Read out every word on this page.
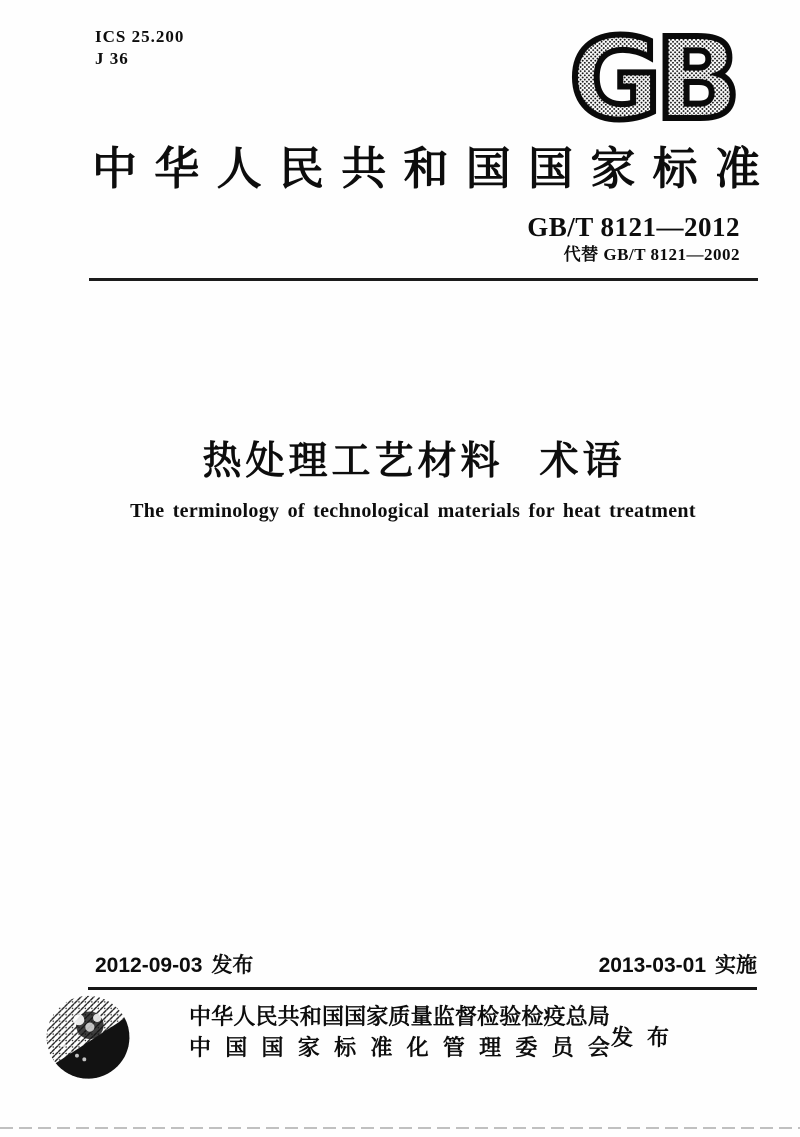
ICS 25.200
J 36	GB
中 华 人 民 共 和 国 国 家 标 准
GB/T 8121—2012
代替 GB/T 8121—2002
热处理工艺材料 术语
The terminology of technological materials for heat treatment
2012-09-03 发布	2013-03-01 实施
中 华 人 民 共 和 国 国 家 质 量 监 督 检 验 检 疫 总 局
中 国 国 家 标 准 化 管 理 委 员 会 发 布
